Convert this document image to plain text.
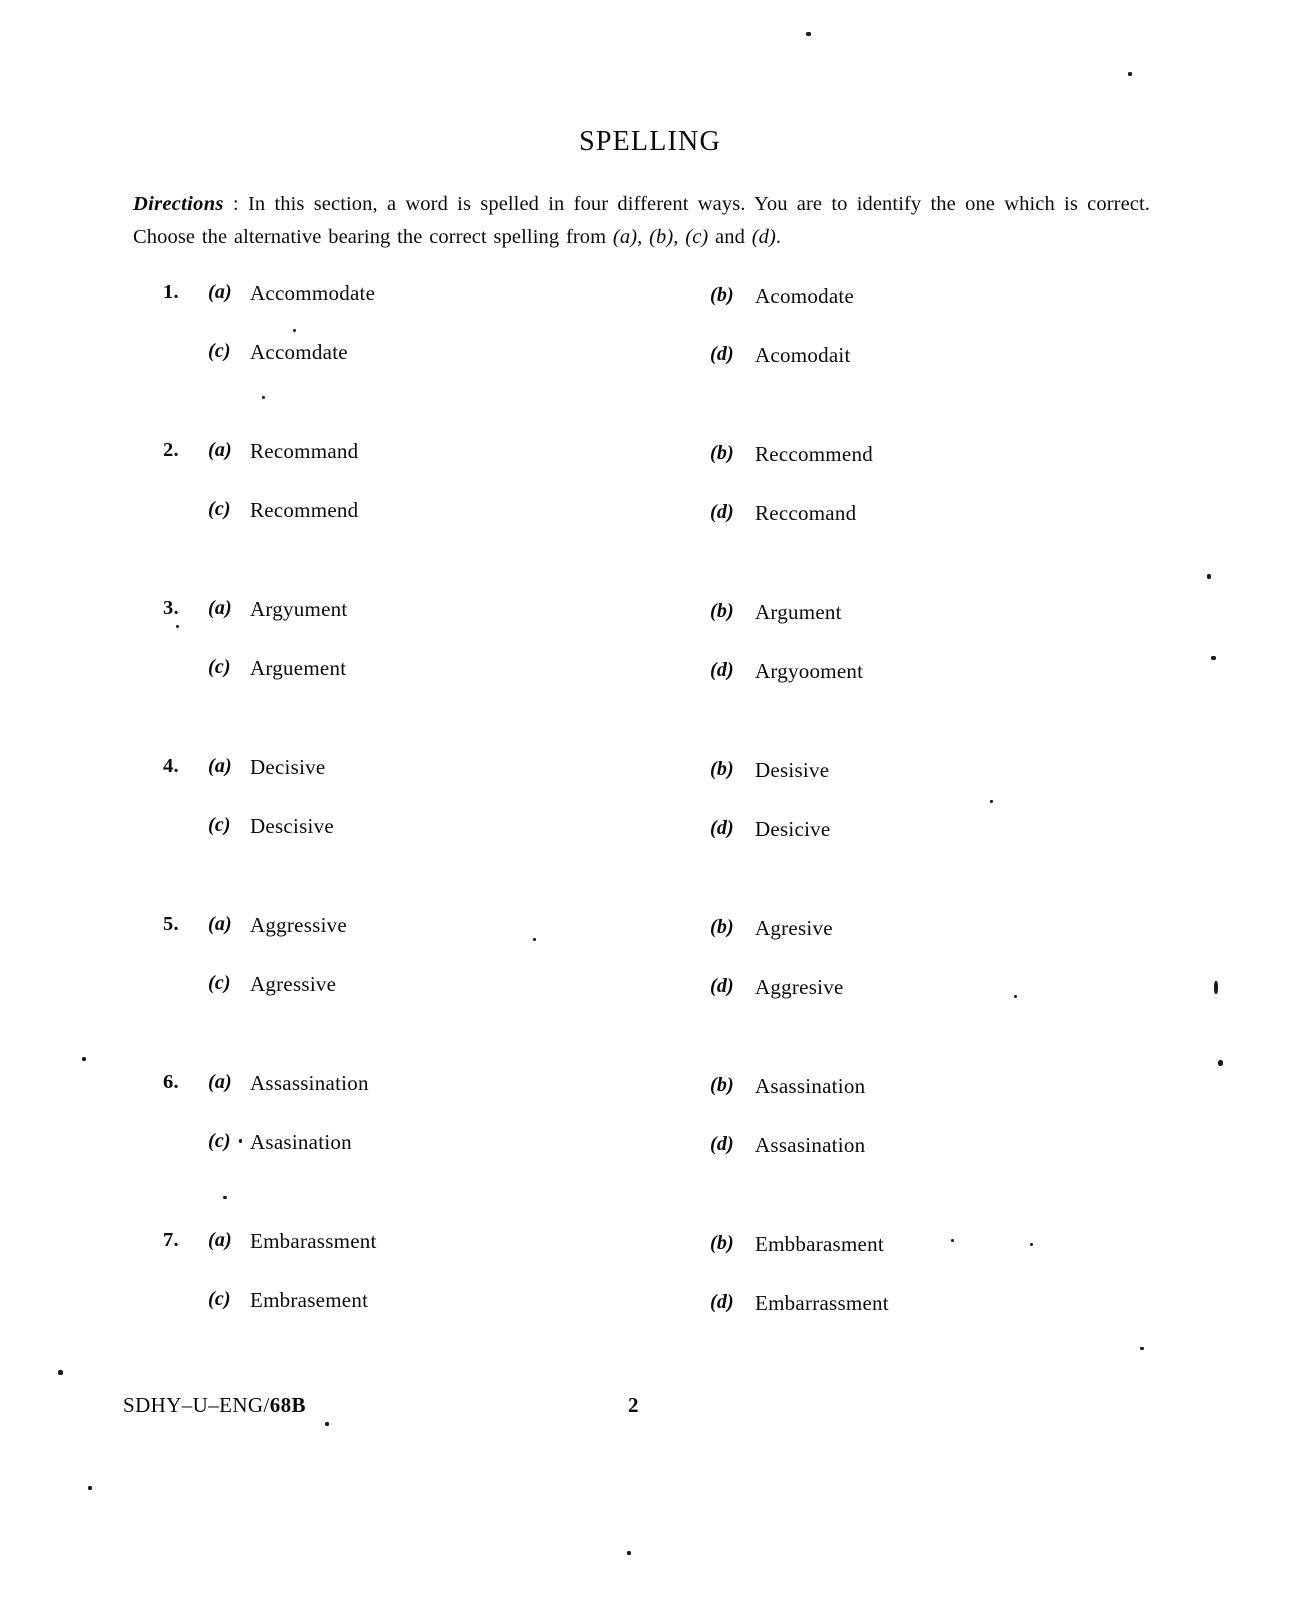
SPELLING
Directions : In this section, a word is spelled in four different ways. You are to identify the one which is correct. Choose the alternative bearing the correct spelling from (a), (b), (c) and (d).
1. (a) Accommodate	(b) Acomodate
(c) Accomdate	(d) Acomodait
2. (a) Recommand	(b) Reccommend
(c) Recommend	(d) Reccomand
3. (a) Argyument	(b) Argument
(c) Arguement	(d) Argyooment
4. (a) Decisive	(b) Desisive
(c) Descisive	(d) Desicive
5. (a) Aggressive	(b) Agresive
(c) Agressive	(d) Aggresive
6. (a) Assassination	(b) Asassination
(c) Asasination	(d) Assasination
7. (a) Embarassment	(b) Embbarasment
(c) Embrasement	(d) Embarrassment
SDHY–U–ENG/68B	2
